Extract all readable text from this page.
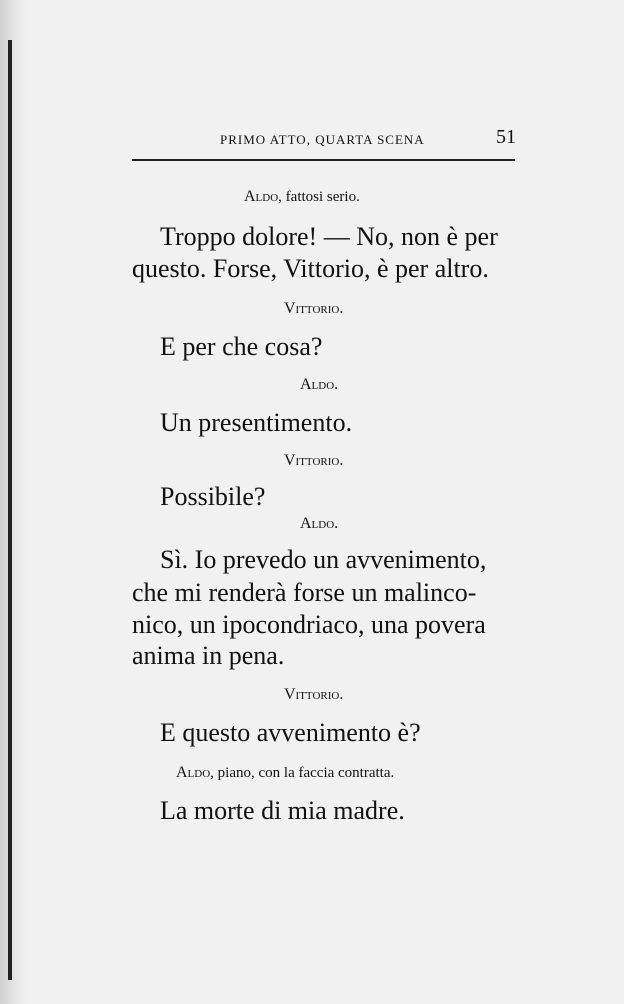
PRIMO ATTO, QUARTA SCENA	51
Aldo, fattosi serio.
Troppo dolore! — No, non è per
questo. Forse, Vittorio, è per altro.
Vittorio.
E per che cosa?
Aldo.
Un presentimento.
Vittorio.
Possibile?
Aldo.
Sì. Io prevedo un avvenimento,
che mi renderà forse un malinco-
nico, un ipocondriaco, una povera
anima in pena.
Vittorio.
E questo avvenimento è?
Aldo, piano, con la faccia contratta.
La morte di mia madre.
